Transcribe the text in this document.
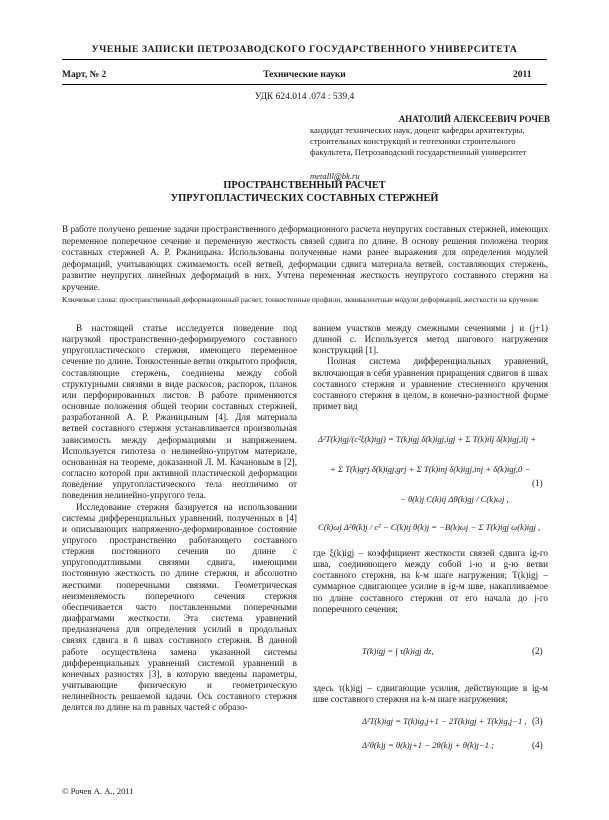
УЧЕНЫЕ ЗАПИСКИ ПЕТРОЗАВОДСКОГО ГОСУДАРСТВЕННОГО УНИВЕРСИТЕТА
Март, № 2	Технические науки	2011
УДК 624.014 .074 : 539.4
АНАТОЛИЙ АЛЕКСЕЕВИЧ РОЧЕВ
кандидат технических наук, доцент кафедры архитектуры, строительных конструкций и геотехники строительного факультета, Петрозаводский государственный университет
metalll@bk.ru
ПРОСТРАНСТВЕННЫЙ РАСЧЕТ
УПРУГОПЛАСТИЧЕСКИХ СОСТАВНЫХ СТЕРЖНЕЙ
В работе получено решение задачи пространственного деформационного расчета неупругих составных стержней, имеющих переменное поперечное сечение и переменную жесткость связей сдвига по длине. В основу решения положена теория составных стержней А. Р. Ржаницына. Использованы полученные нами ранее выражения для определения модулей деформаций, учитывающих сжимаемость осей ветвей, деформации сдвига материала ветвей, составляющих стержень, развитие неупругих линейных деформаций в них. Учтена переменная жесткость неупругого составного стержня на кручение.
Ключевые слова: пространственный деформационный расчет, тонкостенные профили, эквивалентные модули деформаций, жесткости на кручение

В настоящей статье исследуется поведение под нагрузкой пространственно-деформируемого составного упругопластического стержня, имеющего переменное сечение по длине. Тонкостенные ветви открытого профиля, составляющие стержень, соединены между собой структурными связями в виде раскосов, распорок, планок или перфорированных листов. В работе применяются основные положения общей теории составных стержней, разработанной А. Р. Ржаницыным [4]. Для материала ветвей составного стержня устанавливается произвольная зависимость между деформациями и напряжением. Используется гипотеза о нелинейно-упругом материале, основанная на теореме, доказанной Л. М. Качановым в [2], согласно которой при активной пластической деформации поведение упругопластического тела неотличимо от поведения нелинейно-упругого тела.

Исследование стержня базируется на использовании системы дифференциальных уравнений, полученных в [4] и описывающих напряженно-деформированное состояние упругого пространственно работающего составного стержня постоянного сечения по длине с упругоподатливыми связями сдвига, имеющими постоянную жесткость по длине стержня, и абсолютно жесткими поперечными связями. Геометрическая неизменяемость поперечного сечения стержня обеспечивается часто поставленными поперечными диафрагмами жесткости. Эта система уравнений предназначена для определения усилий в продольных связях сдвига в n̄ швах составного стержня. В данной работе осуществлена замена указанной системы дифференциальных уравнений системой уравнений в конечных разностях [3], в которую введены параметры, учитывающие физическую и геометрическую нелинейность решаемой задачи. Ось составного стержня делится по длине на m равных частей с образо-

ванием участков между смежными сечениями j и (j+1) длиной c. Используется метод шагового нагружения конструкций [1].

Полная система дифференциальных уравнений, включающая в себя уравнения приращения сдвигов в швах составного стержня и уравнение стесненного кручения составного стержня в целом, в конечно-разностной форме примет вид

Δ²T(k)igj/(c²ξ(k)igj) = T(k)igj δ(k)igj,igj + Σ T(k)ilj δ(k)igj,ilj +
+ Σ T(k)grj δ(k)igj,grj + Σ T(k)inj δ(k)igj,inj + δ(k)igj,0 −
− θ(k)j C(k)ij Δθ(k)gj / C(k)ωj ,
(1)
C(k)ωj Δ²θ(k)j / c² − C(k)tj θ(k)j = −B(k)ωj − Σ T(k)igj ω(k)igj ,
где ξ(k)igj – коэффициент жесткости связей сдвига ig-го шва, соединяющего между собой i-ю и g-ю ветви составного стержня, на k-м шаге нагружения; T(k)igj – суммарное сдвигающее усилие в ig-м шве, накапливаемое по длине составного стержня от его начала до j-го поперечного сечения;
T(k)igj = ∫ τ(k)igj dz,	(2)
здесь τ(k)igj – сдвигающие усилия, действующие в ig-м шве составного стержня на k-м шаге нагружения;
Δ²T(k)igj = T(k)ig,j+1 − 2T(k)igj + T(k)ig,j−1 , (3)
Δ²θ(k)j = θ(k)j+1 − 2θ(k)j + θ(k)j−1 ;	(4)
© Рочев А. А., 2011
